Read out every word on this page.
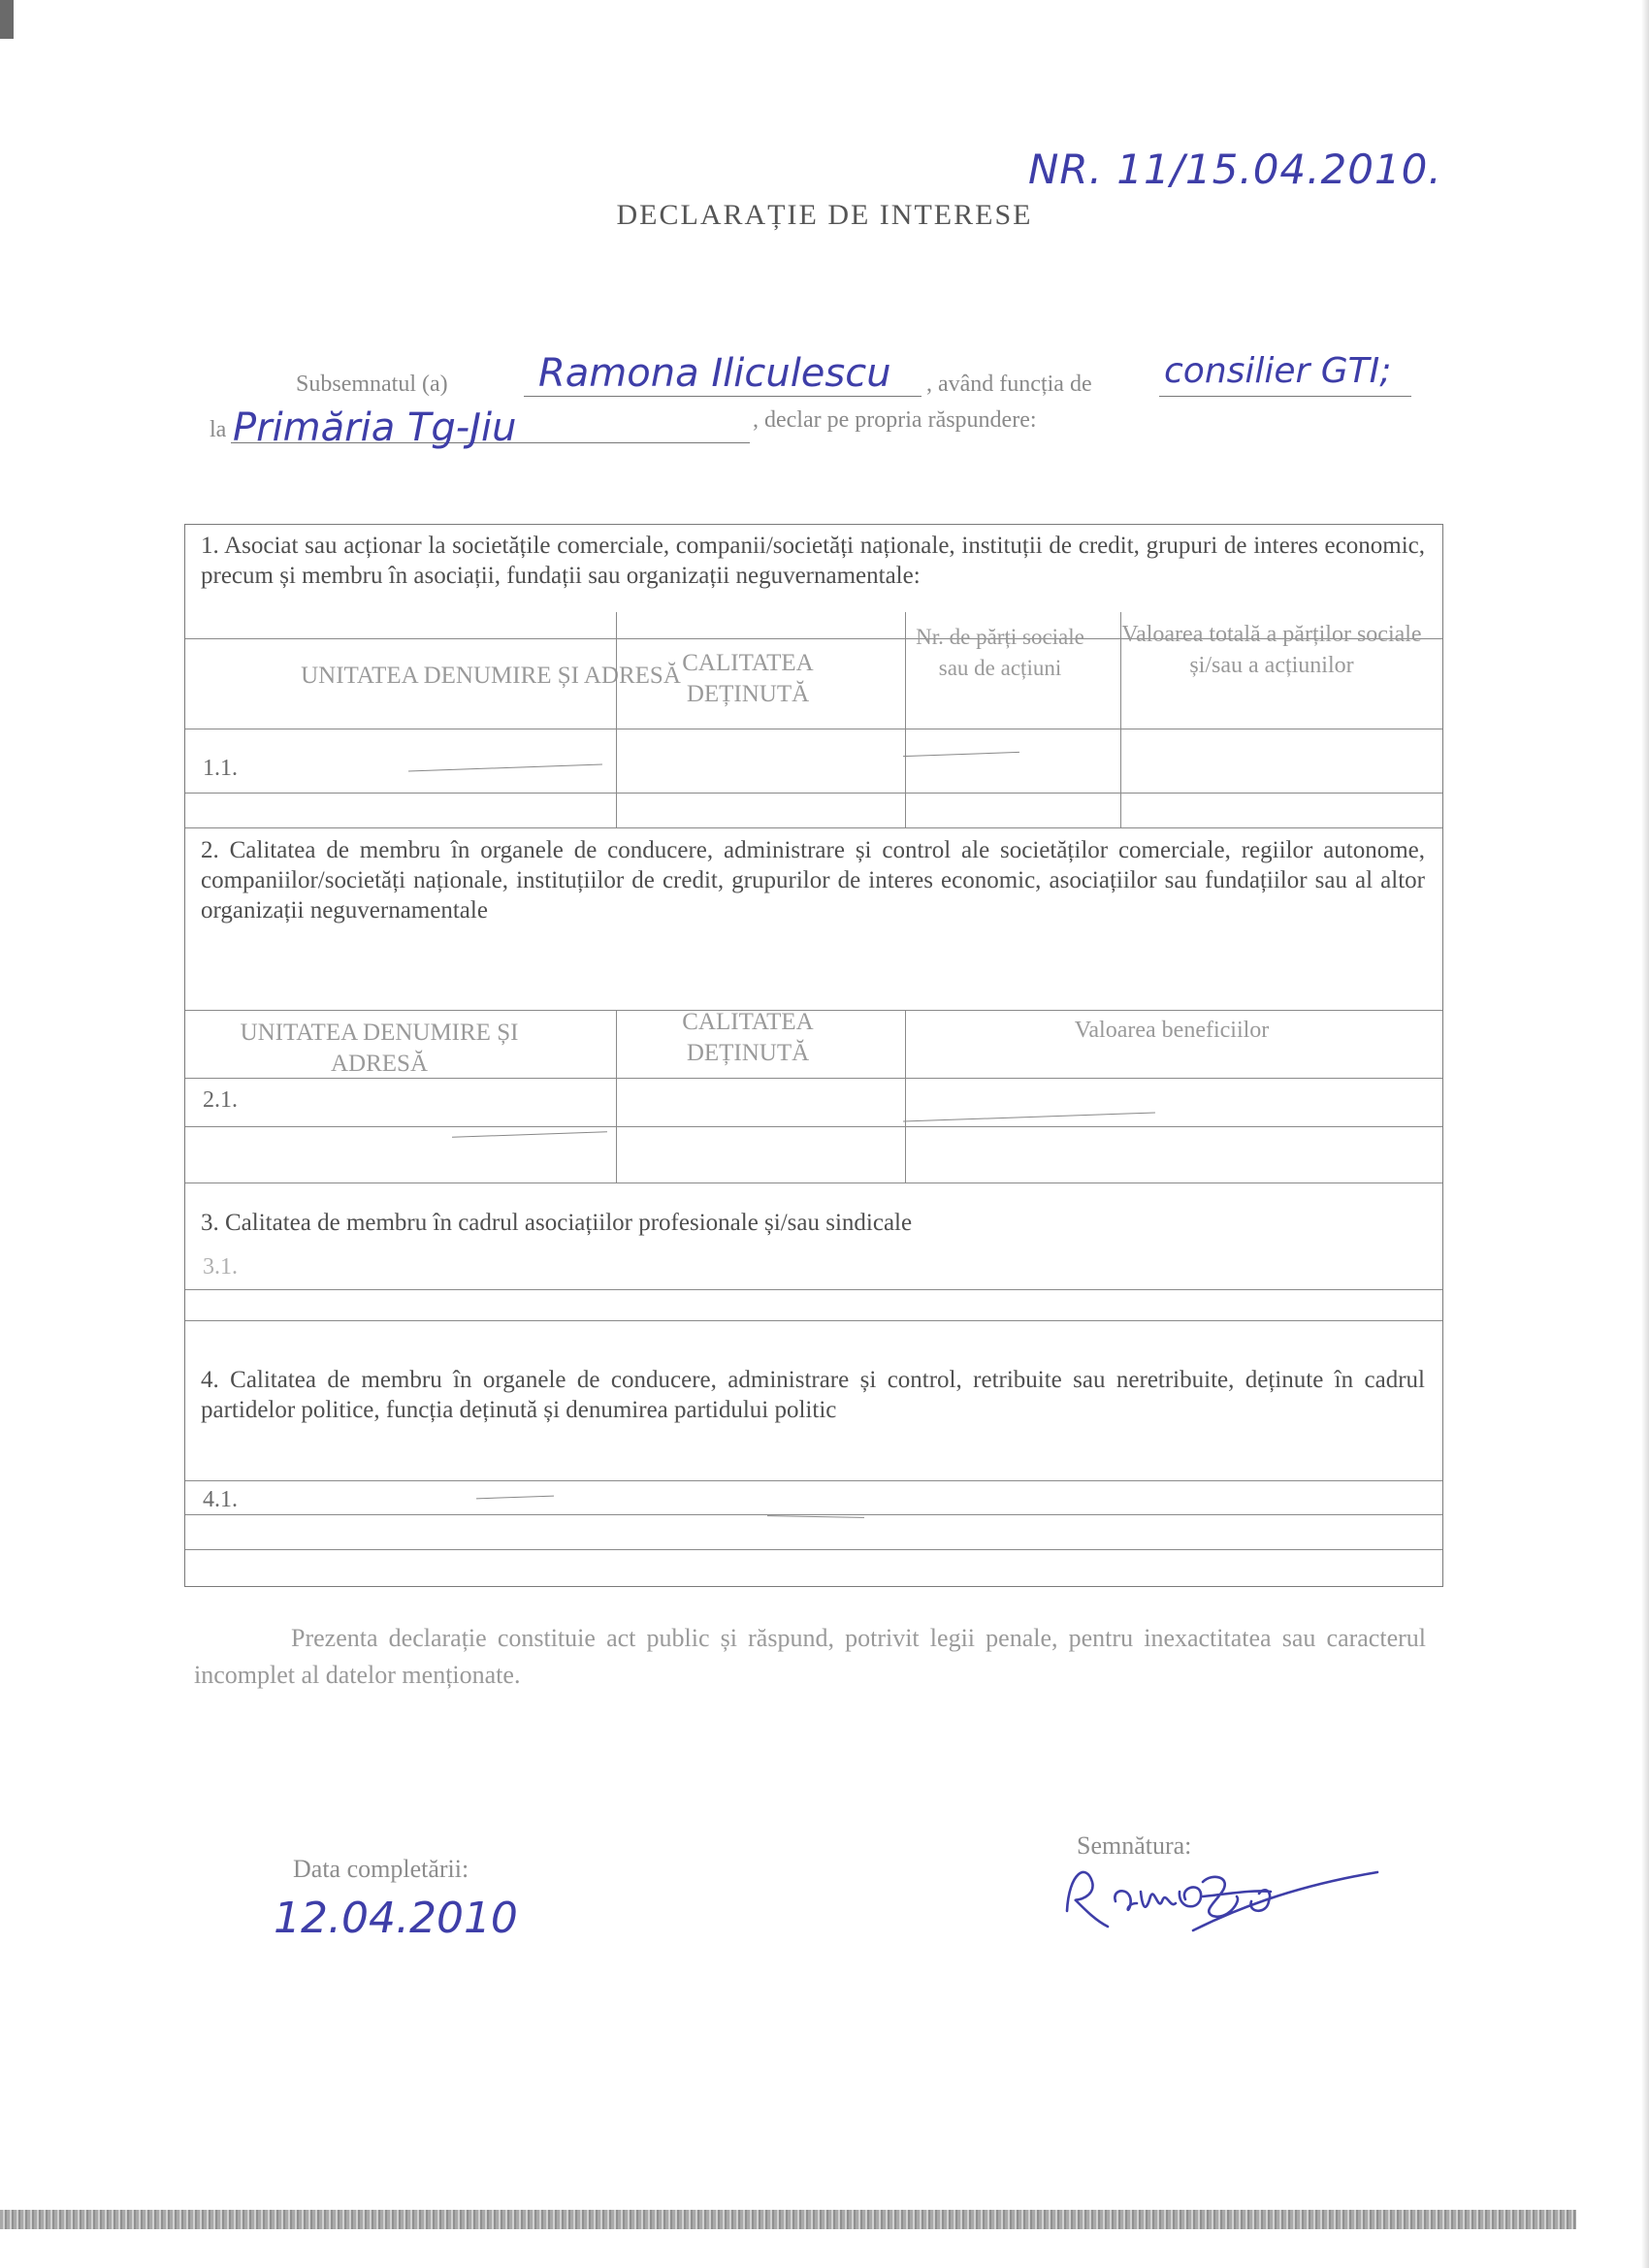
NR. 11/15.04.2010.
DECLARAȚIE DE INTERESE
Subsemnatul (a) Ramona Iliculescu , având funcția de consilier GTI;
la Primăria Tg-Jiu	, declar pe propria răspundere:
1. Asociat sau acționar la societățile comerciale, companii/societăți naționale, instituții de credit, grupuri de interes economic, precum și membru în asociații, fundații sau organizații neguvernamentale:
UNITATEA DENUMIRE ȘI ADRESĂ CALITATEA DEȚINUTĂ
Nr. de părți sociale sau de acțiuni
Valoarea totală a părților sociale și/sau a acțiunilor
1.1.
2. Calitatea de membru în organele de conducere, administrare și control ale societăților comerciale, regiilor autonome, companiilor/societăți naționale, instituțiilor de credit, grupurilor de interes economic, asociațiilor sau fundațiilor sau al altor organizații neguvernamentale
UNITATEA DENUMIRE ȘI ADRESĂ
CALITATEA DEȚINUTĂ
Valoarea beneficiilor
2.1.
3. Calitatea de membru în cadrul asociațiilor profesionale și/sau sindicale
3.1.
4. Calitatea de membru în organele de conducere, administrare și control, retribuite sau neretribuite, deținute în cadrul partidelor politice, funcția deținută și denumirea partidului politic
4.1.
Prezenta declarație constituie act public și răspund, potrivit legii penale, pentru inexactitatea sau caracterul incomplet al datelor menționate.
Data completării:
12.04.2010
Semnătura:
